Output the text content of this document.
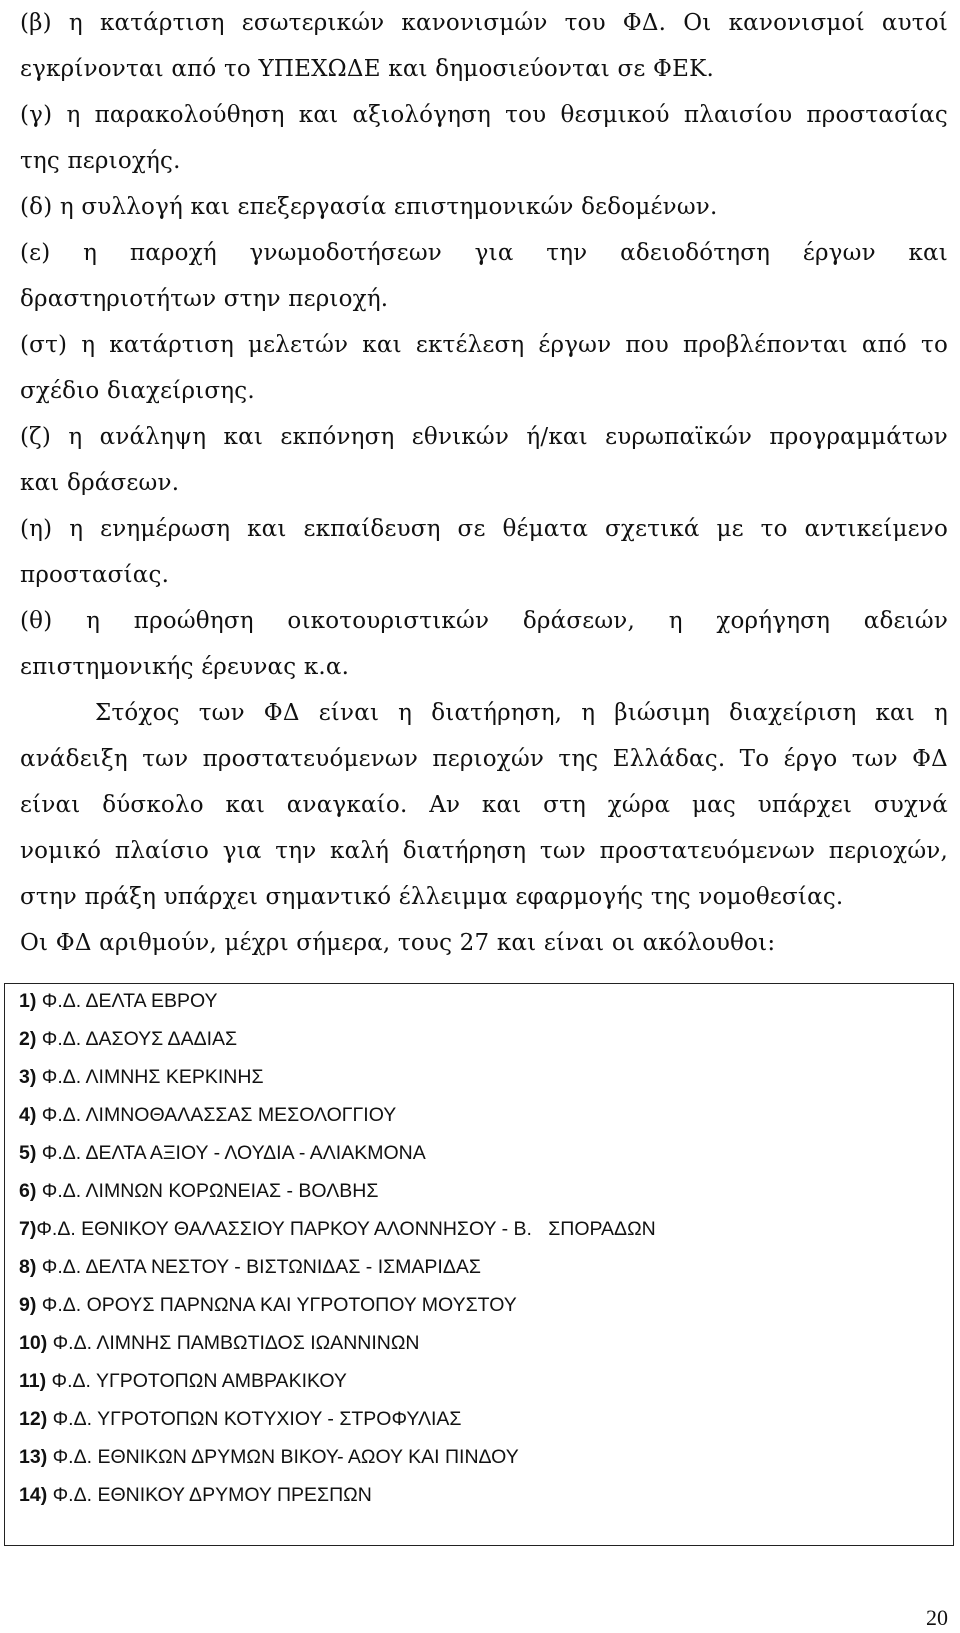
(β) η κατάρτιση εσωτερικών κανονισμών του ΦΔ. Οι κανονισμοί αυτοί
εγκρίνονται από το ΥΠΕΧΩΔΕ και δημοσιεύονται σε ΦΕΚ.
(γ) η παρακολούθηση και αξιολόγηση του θεσμικού πλαισίου προστασίας
της περιοχής.
(δ) η συλλογή και επεξεργασία επιστημονικών δεδομένων.
(ε) η παροχή γνωμοδοτήσεων για την αδειοδότηση έργων και
δραστηριοτήτων στην περιοχή.
(στ) η κατάρτιση μελετών και εκτέλεση έργων που προβλέπονται από το
σχέδιο διαχείρισης.
(ζ) η ανάληψη και εκπόνηση εθνικών ή/και ευρωπαϊκών προγραμμάτων
και δράσεων.
(η) η ενημέρωση και εκπαίδευση σε θέματα σχετικά με το αντικείμενο
προστασίας.
(θ) η προώθηση οικοτουριστικών δράσεων, η χορήγηση αδειών
επιστημονικής έρευνας κ.α.
Στόχος των ΦΔ είναι η διατήρηση, η βιώσιμη διαχείριση και η
ανάδειξη των προστατευόμενων περιοχών της Ελλάδας. Το έργο των ΦΔ
είναι δύσκολο και αναγκαίο. Αν και στη χώρα μας υπάρχει συχνά
νομικό πλαίσιο για την καλή διατήρηση των προστατευόμενων περιοχών,
στην πράξη υπάρχει σημαντικό έλλειμμα εφαρμογής της νομοθεσίας.
Οι ΦΔ αριθμούν, μέχρι σήμερα, τους 27 και είναι οι ακόλουθοι:
1) Φ.Δ. ΔΕΛΤΑ ΕΒΡΟΥ
2) Φ.Δ. ΔΑΣΟΥΣ ΔΑΔΙΑΣ
3) Φ.Δ. ΛΙΜΝΗΣ ΚΕΡΚΙΝΗΣ
4) Φ.Δ. ΛΙΜΝΟΘΑΛΑΣΣΑΣ ΜΕΣΟΛΟΓΓΙΟΥ
5) Φ.Δ. ΔΕΛΤΑ ΑΞΙΟΥ - ΛΟΥΔΙΑ - ΑΛΙΑΚΜΟΝΑ
6) Φ.Δ. ΛΙΜΝΩΝ ΚΟΡΩΝΕΙΑΣ - ΒΟΛΒΗΣ
7)Φ.Δ. ΕΘΝΙΚΟΥ ΘΑΛΑΣΣΙΟΥ ΠΑΡΚΟΥ ΑΛΟΝΝΗΣΟΥ - Β.   ΣΠΟΡΑΔΩΝ
8) Φ.Δ. ΔΕΛΤΑ ΝΕΣΤΟΥ - ΒΙΣΤΩΝΙΔΑΣ - ΙΣΜΑΡΙΔΑΣ
9) Φ.Δ. ΟΡΟΥΣ ΠΑΡΝΩΝΑ ΚΑΙ ΥΓΡΟΤΟΠΟΥ ΜΟΥΣΤΟΥ
10) Φ.Δ. ΛΙΜΝΗΣ ΠΑΜΒΩΤΙΔΟΣ ΙΩΑΝΝΙΝΩΝ
11) Φ.Δ. ΥΓΡΟΤΟΠΩΝ ΑΜΒΡΑΚΙΚΟΥ
12) Φ.Δ. ΥΓΡΟΤΟΠΩΝ ΚΟΤΥΧΙΟΥ - ΣΤΡΟΦΥΛΙΑΣ
13) Φ.Δ. ΕΘΝΙΚΩΝ ΔΡΥΜΩΝ ΒΙΚΟΥ- ΑΩΟΥ ΚΑΙ ΠΙΝΔΟΥ
14) Φ.Δ. ΕΘΝΙΚΟΥ ΔΡΥΜΟΥ ΠΡΕΣΠΩΝ
20
